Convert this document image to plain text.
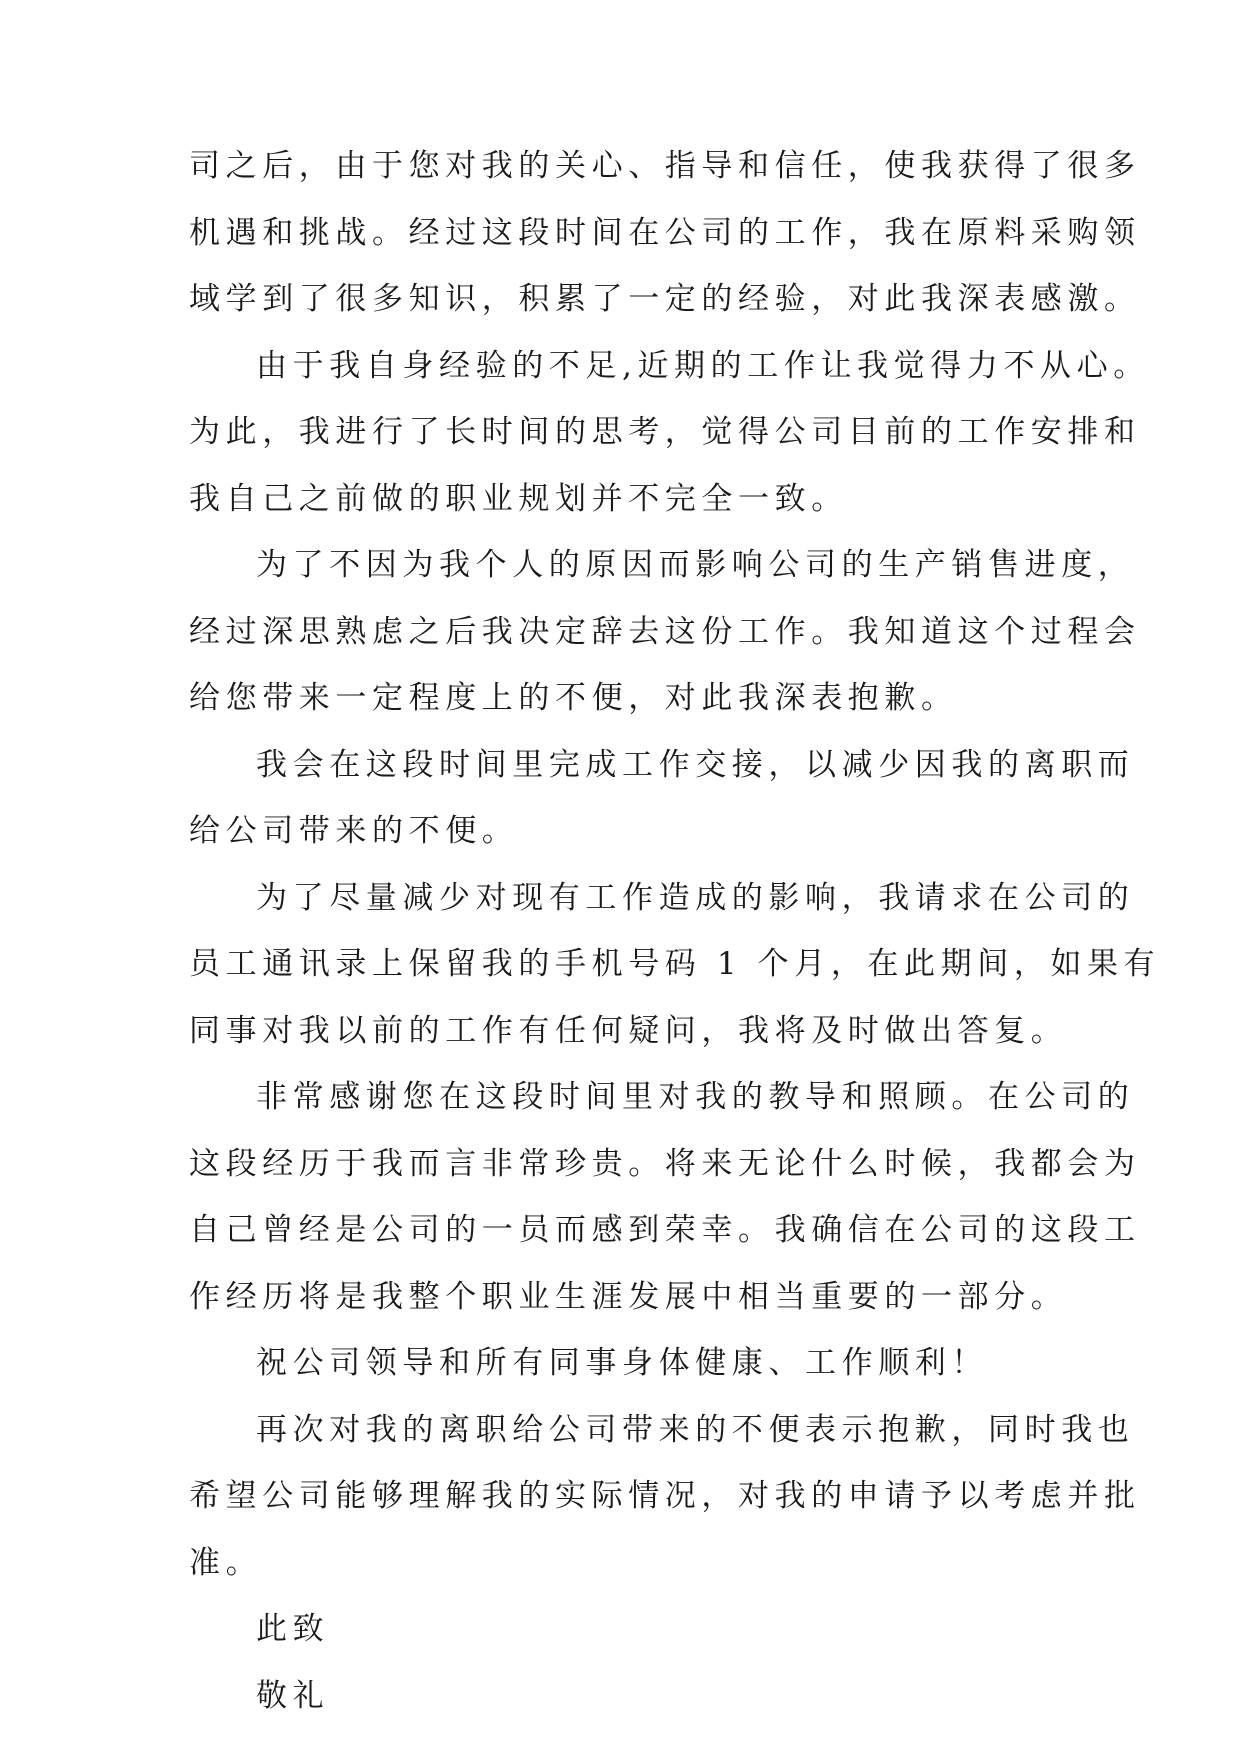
司之后，由于您对我的关心、指导和信任，使我获得了很多

机遇和挑战。经过这段时间在公司的工作，我在原料采购领

域学到了很多知识，积累了一定的经验，对此我深表感激。

由于我自身经验的不足,近期的工作让我觉得力不从心。

为此，我进行了长时间的思考，觉得公司目前的工作安排和

我自己之前做的职业规划并不完全一致。

为了不因为我个人的原因而影响公司的生产销售进度，

经过深思熟虑之后我决定辞去这份工作。我知道这个过程会

给您带来一定程度上的不便，对此我深表抱歉。

我会在这段时间里完成工作交接，以减少因我的离职而

给公司带来的不便。

为了尽量减少对现有工作造成的影响，我请求在公司的

员工通讯录上保留我的手机号码 1 个月，在此期间，如果有

同事对我以前的工作有任何疑问，我将及时做出答复。

非常感谢您在这段时间里对我的教导和照顾。在公司的

这段经历于我而言非常珍贵。将来无论什么时候，我都会为

自己曾经是公司的一员而感到荣幸。我确信在公司的这段工

作经历将是我整个职业生涯发展中相当重要的一部分。

祝公司领导和所有同事身体健康、工作顺利！

再次对我的离职给公司带来的不便表示抱歉，同时我也

希望公司能够理解我的实际情况，对我的申请予以考虑并批

准。

此致

敬礼
